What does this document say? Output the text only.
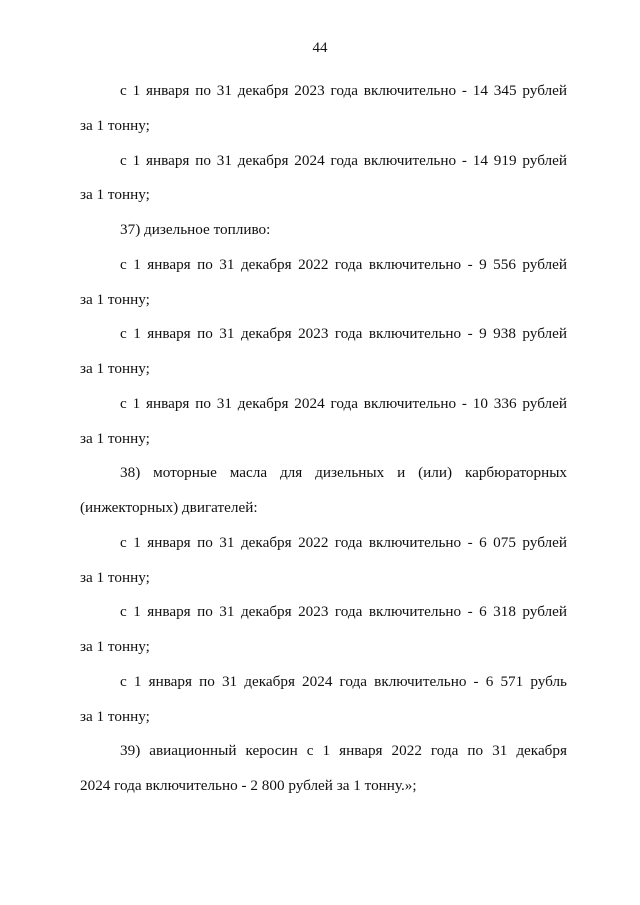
44

с 1 января по 31 декабря 2023 года включительно - 14 345 рублей

за 1 тонну;

с 1 января по 31 декабря 2024 года включительно - 14 919 рублей

за 1 тонну;

37) дизельное топливо:

с 1 января по 31 декабря 2022 года включительно - 9 556 рублей

за 1 тонну;

с 1 января по 31 декабря 2023 года включительно - 9 938 рублей

за 1 тонну;

с 1 января по 31 декабря 2024 года включительно - 10 336 рублей

за 1 тонну;

38) моторные масла для дизельных и (или) карбюраторных

(инжекторных) двигателей:

с 1 января по 31 декабря 2022 года включительно - 6 075 рублей

за 1 тонну;

с 1 января по 31 декабря 2023 года включительно - 6 318 рублей

за 1 тонну;

с 1 января по 31 декабря 2024 года включительно - 6 571 рубль

за 1 тонну;

39) авиационный керосин с 1 января 2022 года по 31 декабря

2024 года включительно - 2 800 рублей за 1 тонну.»;
